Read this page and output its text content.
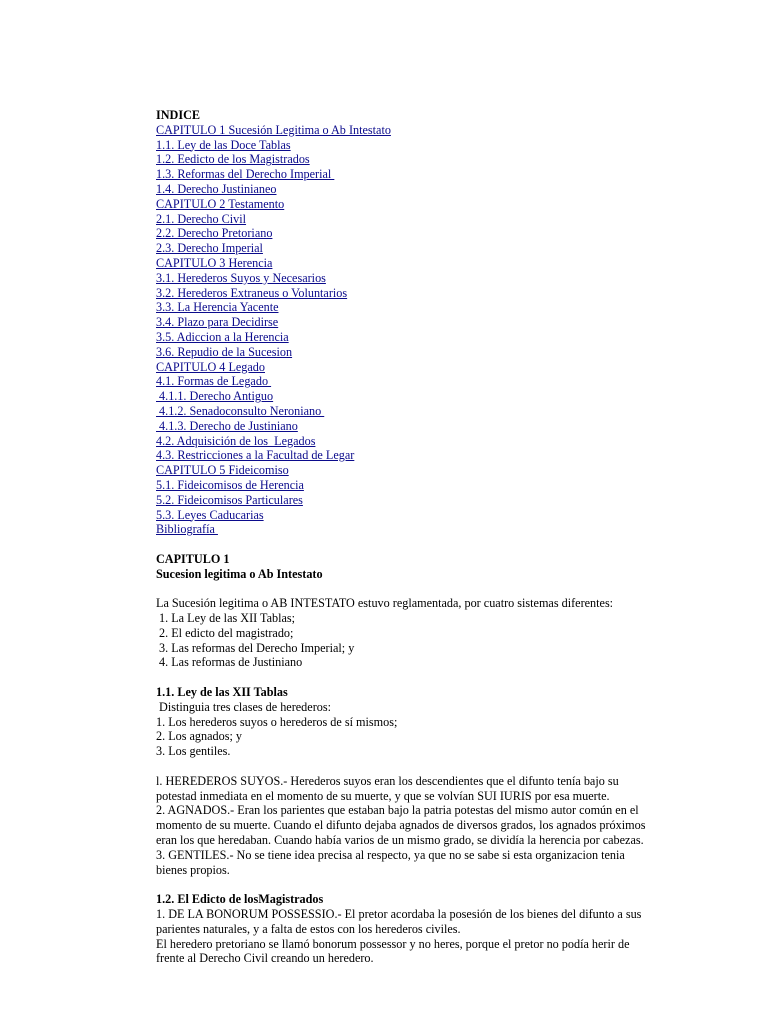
INDICE
CAPITULO 1 Sucesión Legitima o Ab Intestato
1.1. Ley de las Doce Tablas
1.2. Eedicto de los Magistrados
1.3. Reformas del Derecho Imperial
1.4. Derecho Justinianeo
CAPITULO 2 Testamento
2.1. Derecho Civil
2.2. Derecho Pretoriano
2.3. Derecho Imperial
CAPITULO 3 Herencia
3.1. Herederos Suyos y Necesarios
3.2. Herederos Extraneus o Voluntarios
3.3. La Herencia Yacente
3.4. Plazo para Decidirse
3.5. Adiccion a la Herencia
3.6. Repudio de la Sucesion
CAPITULO 4 Legado
4.1. Formas de Legado
4.1.1. Derecho Antiguo
4.1.2. Senadoconsulto Neroniano
4.1.3. Derecho de Justiniano
4.2. Adquisición de los  Legados
4.3. Restricciones a la Facultad de Legar
CAPITULO 5 Fideicomiso
5.1. Fideicomisos de Herencia
5.2. Fideicomisos Particulares
5.3. Leyes Caducarias
Bibliografía
CAPITULO 1
Sucesion legitima o Ab Intestato
La Sucesión legitima o AB INTESTATO estuvo reglamentada, por cuatro sistemas diferentes:
1. La Ley de las XII Tablas;
2. El edicto del magistrado;
3. Las reformas del Derecho Imperial; y
4. Las reformas de Justiniano
1.1. Ley de las XII Tablas
Distinguia tres clases de herederos:
1. Los herederos suyos o herederos de sí mismos;
2. Los agnados; y
3. Los gentiles.
l. HEREDEROS SUYOS.- Herederos suyos eran los descendientes que el difunto tenía bajo su potestad inmediata en el momento de su muerte, y que se volvían SUI IURIS por esa muerte.
2. AGNADOS.- Eran los parientes que estaban bajo la patria potestas del mismo autor común en el momento de su muerte. Cuando el difunto dejaba agnados de diversos grados, los agnados próximos eran los que heredaban. Cuando había varios de un mismo grado, se dividía la herencia por cabezas.
3. GENTILES.- No se tiene idea precisa al respecto, ya que no se sabe si esta organizacion tenia bienes propios.
1.2. El Edicto de losMagistrados
1. DE LA BONORUM POSSESSIO.- El pretor acordaba la posesión de los bienes del difunto a sus parientes naturales, y a falta de estos con los herederos civiles.
El heredero pretoriano se llamó bonorum possessor y no heres, porque el pretor no podía herir de frente al Derecho Civil creando un heredero.
